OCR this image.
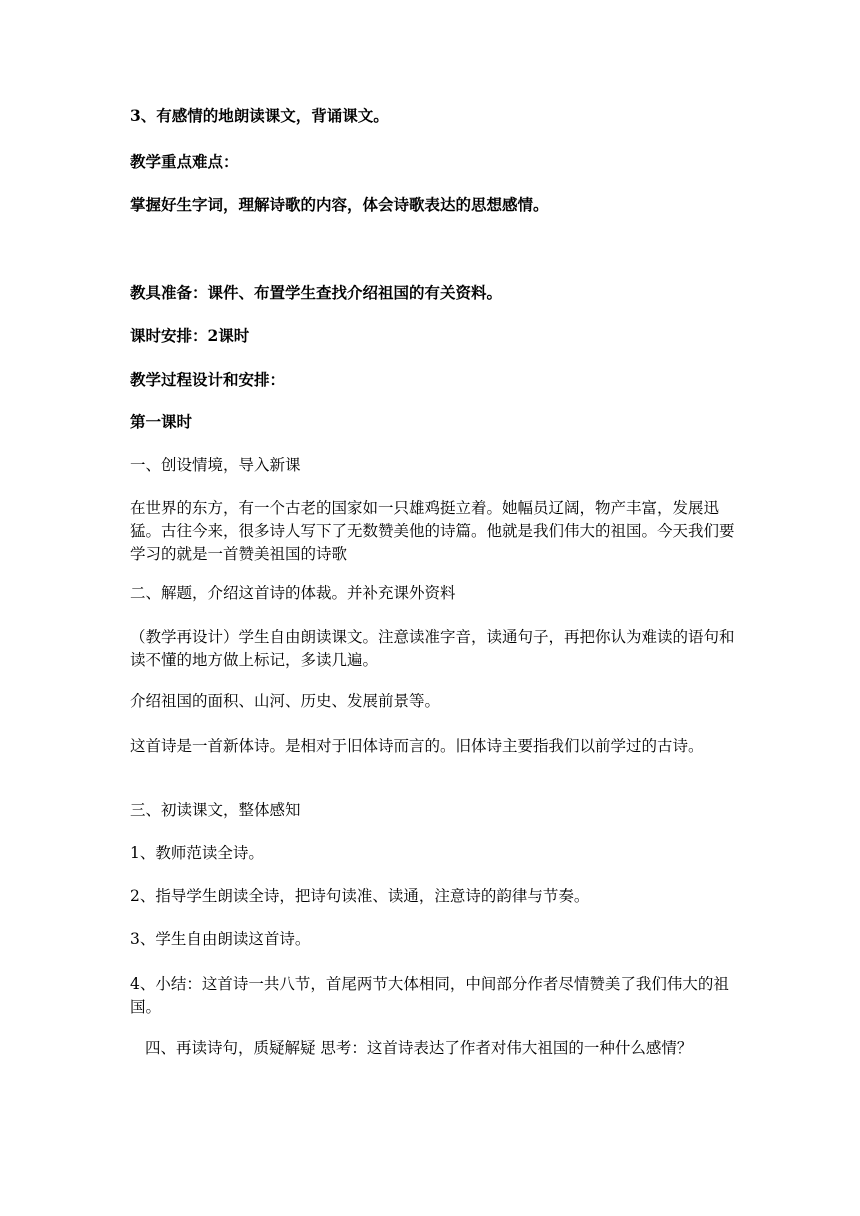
3、有感情的地朗读课文，背诵课文。

教学重点难点：

掌握好生字词，理解诗歌的内容，体会诗歌表达的思想感情。

教具准备：课件、布置学生查找介绍祖国的有关资料。

课时安排：2课时

教学过程设计和安排：

第一课时

一、创设情境，导入新课

在世界的东方，有一个古老的国家如一只雄鸡挺立着。她幅员辽阔，物产丰富，发展迅猛。古往今来，很多诗人写下了无数赞美他的诗篇。他就是我们伟大的祖国。今天我们要学习的就是一首赞美祖国的诗歌

二、解题，介绍这首诗的体裁。并补充课外资料

（教学再设计）学生自由朗读课文。注意读准字音，读通句子，再把你认为难读的语句和读不懂的地方做上标记，多读几遍。

介绍祖国的面积、山河、历史、发展前景等。

这首诗是一首新体诗。是相对于旧体诗而言的。旧体诗主要指我们以前学过的古诗。

三、初读课文，整体感知

1、教师范读全诗。

2、指导学生朗读全诗，把诗句读准、读通，注意诗的韵律与节奏。

3、学生自由朗读这首诗。

4、小结：这首诗一共八节，首尾两节大体相同，中间部分作者尽情赞美了我们伟大的祖国。

四、再读诗句，质疑解疑 思考：这首诗表达了作者对伟大祖国的一种什么感情？
